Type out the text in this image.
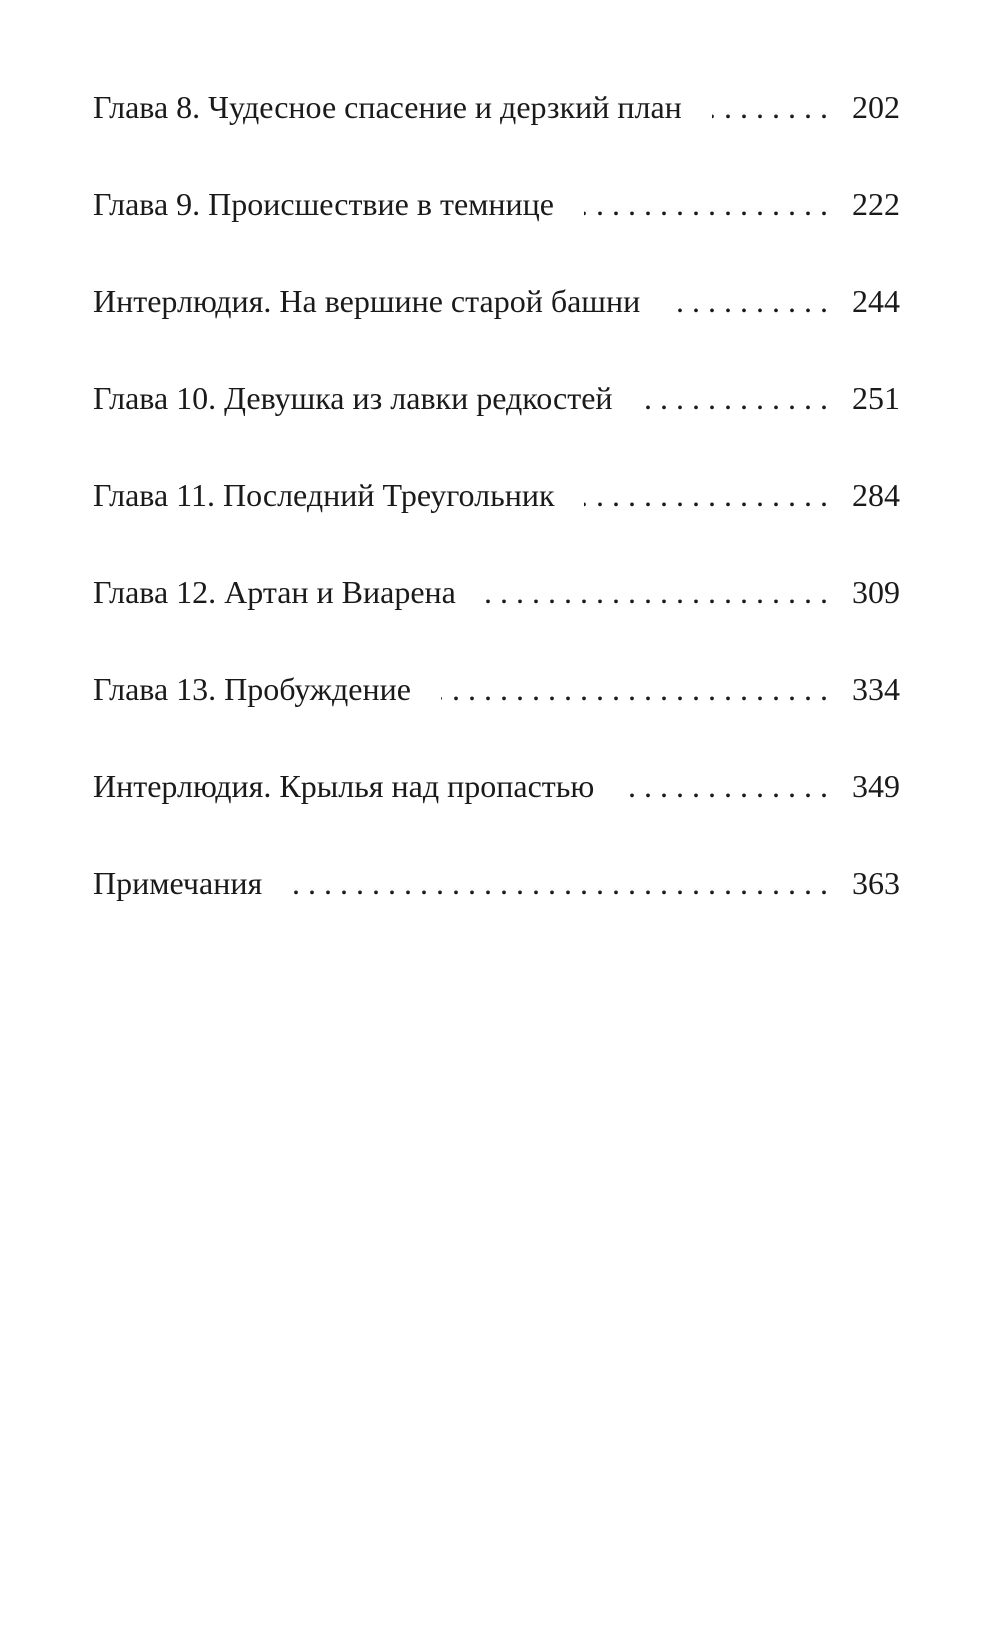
Глава 8. Чудесное спасение и дерзкий план . . .	202
Глава 9. Происшествие в темнице . . .	222
Интерлюдия. На вершине старой башни . . .	244
Глава 10. Девушка из лавки редкостей . . .	251
Глава 11. Последний Треугольник . . .	284
Глава 12. Артан и Виарена . . .	309
Глава 13. Пробуждение . . .	334
Интерлюдия. Крылья над пропастью . . .	349
Примечания . . .	363
